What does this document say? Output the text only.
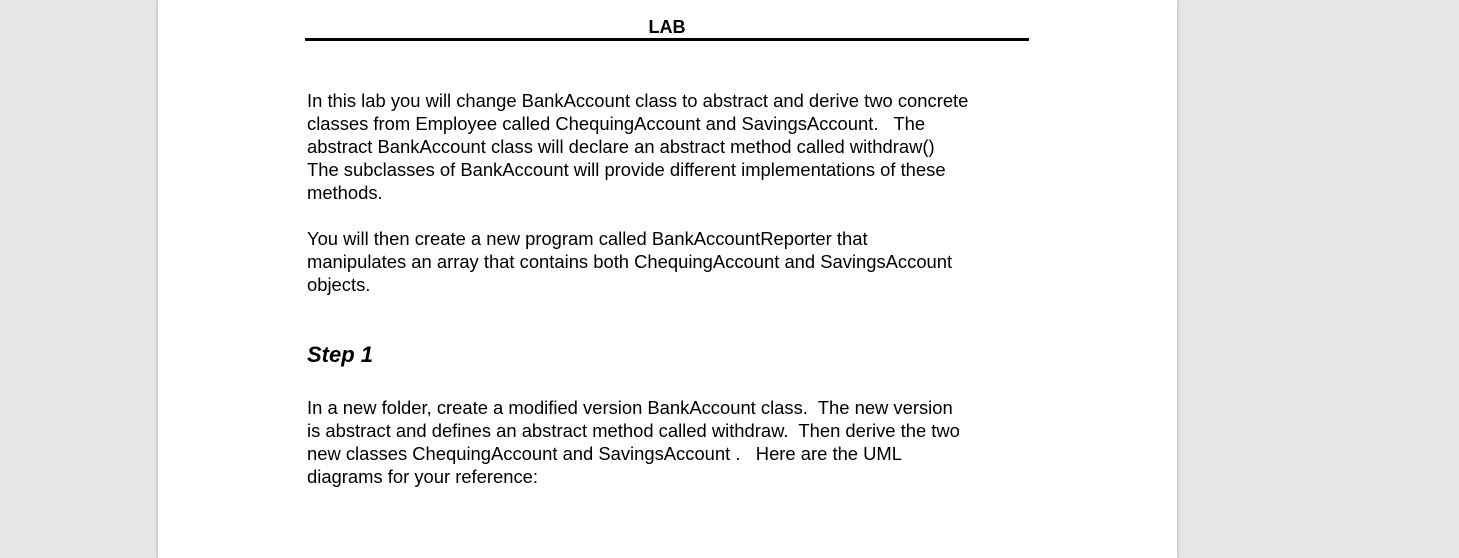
LAB

In this lab you will change BankAccount class to abstract and derive two concrete
classes from Employee called ChequingAccount and SavingsAccount.   The
abstract BankAccount class will declare an abstract method called withdraw()
The subclasses of BankAccount will provide different implementations of these
methods.

You will then create a new program called BankAccountReporter that
manipulates an array that contains both ChequingAccount and SavingsAccount
objects.

Step 1

In a new folder, create a modified version BankAccount class.  The new version
is abstract and defines an abstract method called withdraw.  Then derive the two
new classes ChequingAccount and SavingsAccount .   Here are the UML
diagrams for your reference:
